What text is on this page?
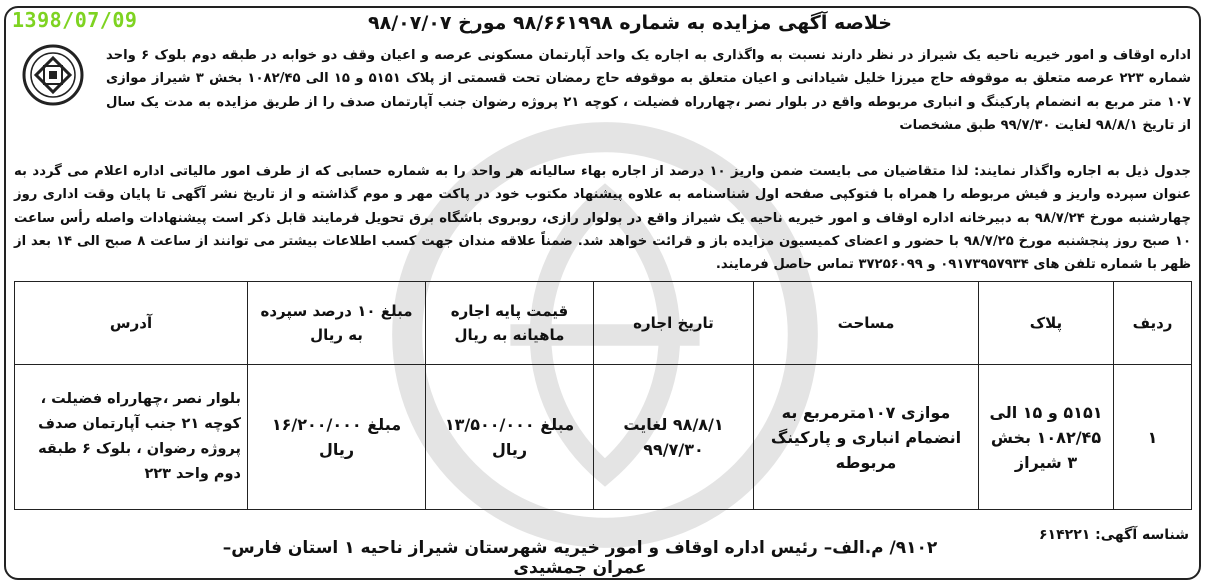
1398/07/09	خلاصه آگهی مزایده به شماره ۹۸/۶۶۱۹۹۸ مورخ ۹۸/۰۷/۰۷
اداره اوقاف و امور خیریه ناحیه یک شیراز در نظر دارند نسبت به واگذاری به اجاره یک واحد آپارتمان مسکونی عرصه و اعیان وقف دو خوابه در طبقه دوم بلوک ۶ واحد شماره ۲۲۳ عرصه متعلق به موقوفه حاج میرزا خلیل شیادانی و اعیان متعلق به موقوفه حاج رمضان تحت قسمتی از پلاک ۵۱۵۱ و ۱۵ الی ۱۰۸۲/۴۵ بخش ۳ شیراز موازی ۱۰۷ متر مربع به انضمام پارکینگ و انباری مربوطه واقع در بلوار نصر ،چهارراه فضیلت ، کوچه ۲۱ پروژه رضوان جنب آپارتمان صدف را از طریق مزایده به مدت یک سال از تاریخ ۹۸/۸/۱ لغایت ۹۹/۷/۳۰ طبق مشخصات
جدول ذیل به اجاره واگذار نمایند: لذا متقاضیان می بایست ضمن واریز ۱۰ درصد از اجاره بهاء سالیانه هر واحد را به شماره حسابی که از طرف امور مالیاتی اداره اعلام می گردد به عنوان سپرده واریز و فیش مربوطه را همراه با فتوکپی صفحه اول شناسنامه به علاوه پیشنهاد مکتوب خود در پاکت مهر و موم گذاشته و از تاریخ نشر آگهی تا پایان وقت اداری روز چهارشنبه مورخ ۹۸/۷/۲۴ به دبیرخانه اداره اوقاف و امور خیریه ناحیه یک شیراز واقع در بولوار رازی، روبروی باشگاه برق تحویل فرمایند قابل ذکر است پیشنهادات واصله رأس ساعت ۱۰ صبح روز پنجشنبه مورخ ۹۸/۷/۲۵ با حضور و اعضای کمیسیون مزایده باز و قرائت خواهد شد. ضمناً علاقه مندان جهت کسب اطلاعات بیشتر می توانند از ساعت ۸ صبح الی ۱۴ بعد از ظهر با شماره تلفن های ۰۹۱۷۳۹۵۷۹۳۴ و ۳۷۲۵۶۰۹۹ تماس حاصل فرمایند.
ردیف	پلاک	مساحت	تاریخ اجاره	قیمت پایه اجاره ماهیانه به ریال	مبلغ ۱۰ درصد سپرده به ریال	آدرس
۱	۵۱۵۱ و ۱۵ الی ۱۰۸۲/۴۵ بخش ۳ شیراز	موازی ۱۰۷مترمربع به انضمام انباری و پارکینگ مربوطه	۹۸/۸/۱ لغایت ۹۹/۷/۳۰	مبلغ ۱۳/۵۰۰/۰۰۰ ریال	مبلغ ۱۶/۲۰۰/۰۰۰ ریال	بلوار نصر ،چهارراه فضیلت ، کوچه ۲۱ جنب آپارتمان صدف پروژه رضوان ، بلوک ۶ طبقه دوم واحد ۲۲۳
شناسه آگهی: ۶۱۴۲۲۱
۹۱۰۲/ م.الف– رئیس اداره اوقاف و امور خیریه شهرستان شیراز ناحیه ۱ استان فارس– عمران جمشیدی
